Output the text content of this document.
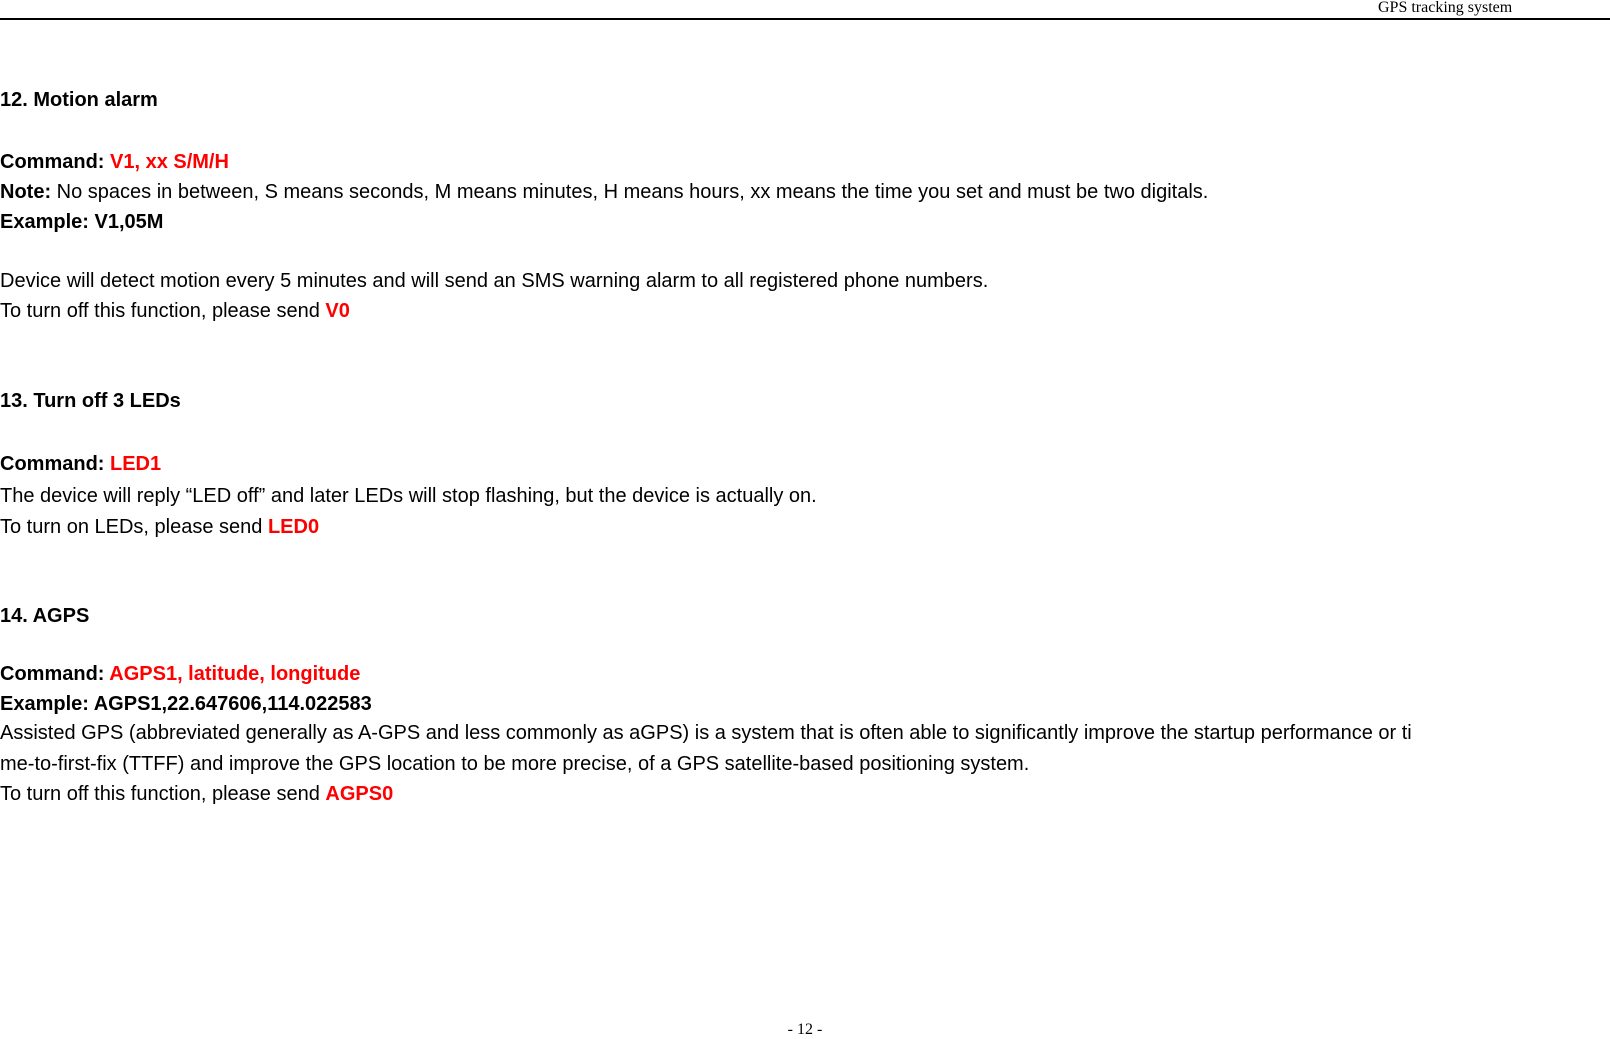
GPS tracking system
12. Motion alarm
Command: V1, xx S/M/H
Note: No spaces in between, S means seconds, M means minutes, H means hours, xx means the time you set and must be two digitals.
Example: V1,05M
Device will detect motion every 5 minutes and will send an SMS warning alarm to all registered phone numbers.
To turn off this function, please send V0
13. Turn off 3 LEDs
Command: LED1
The device will reply “LED off” and later LEDs will stop flashing, but the device is actually on.
To turn on LEDs, please send LED0
14. AGPS
Command: AGPS1, latitude, longitude
Example: AGPS1,22.647606,114.022583
Assisted GPS (abbreviated generally as A-GPS and less commonly as aGPS) is a system that is often able to significantly improve the startup performance or ti
me-to-first-fix (TTFF) and improve the GPS location to be more precise, of a GPS satellite-based positioning system.
To turn off this function, please send AGPS0
- 12 -
